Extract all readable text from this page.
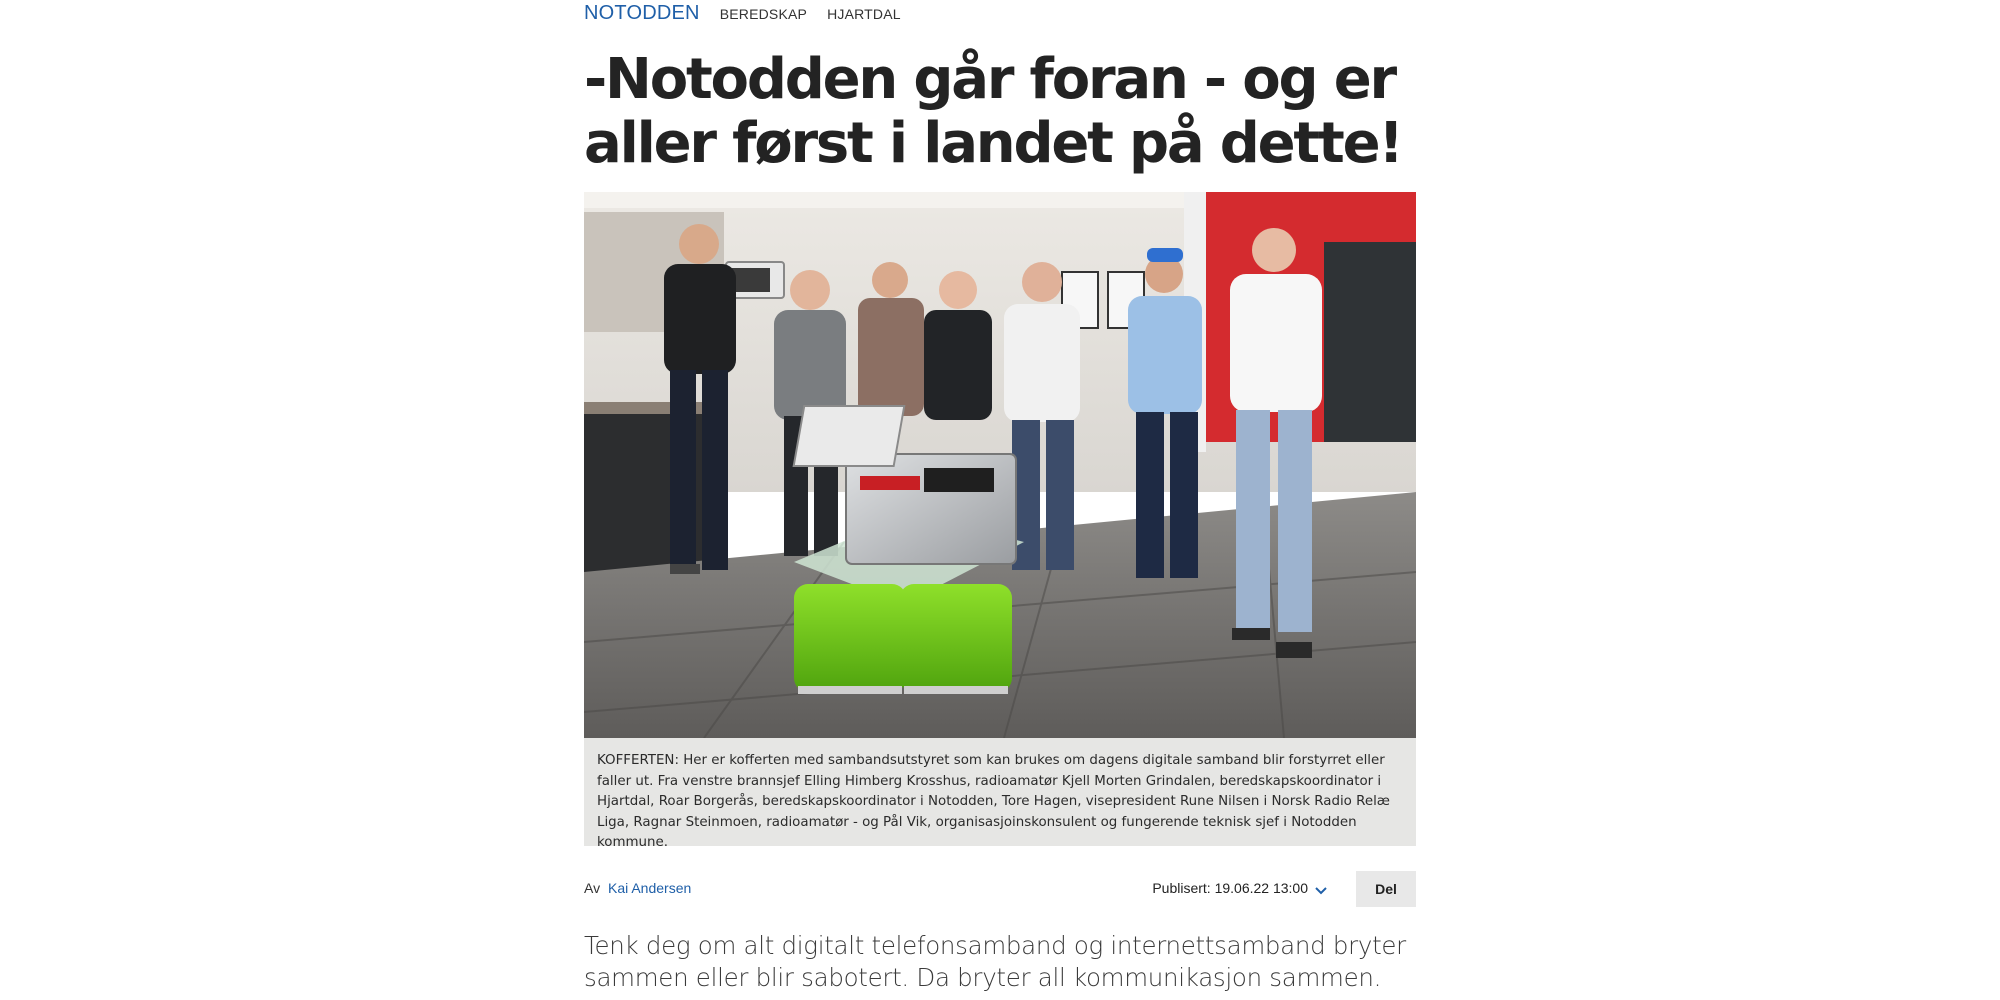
NOTODDEN BEREDSKAP HJARTDAL
-Notodden går foran - og er aller først i landet på dette!
KOFFERTEN: Her er kofferten med sambandsutstyret som kan brukes om dagens digitale samband blir forstyrret eller faller ut. Fra venstre brannsjef Elling Himberg Krosshus, radioamatør Kjell Morten Grindalen, beredskapskoordinator i Hjartdal, Roar Borgerås, beredskapskoordinator i Notodden, Tore Hagen, visepresident Rune Nilsen i Norsk Radio Relæ Liga, Ragnar Steinmoen, radioamatør - og Pål Vik, organisasjoinskonsulent og fungerende teknisk sjef i Notodden kommune.
Av Kai Andersen	Publisert: 19.06.22 13:00	Del

Tenk deg om alt digitalt telefonsamband og internettsamband bryter sammen eller blir sabotert. Da bryter all kommunikasjon sammen.
